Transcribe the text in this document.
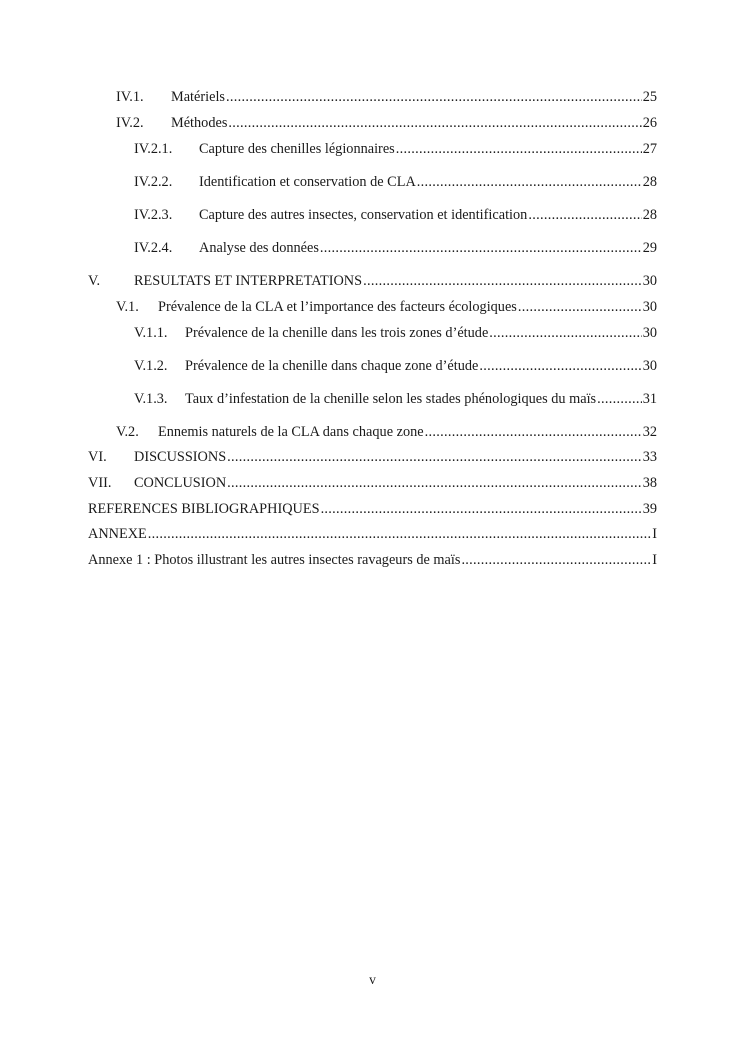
IV.1.	Matériels .....	25
IV.2.	Méthodes .....	26
IV.2.1.	Capture des chenilles légionnaires .....	27
IV.2.2.	Identification et conservation de CLA .....	28
IV.2.3.	Capture des autres insectes, conservation et identification .....	28
IV.2.4.	Analyse des données .....	29
V.	RESULTATS ET INTERPRETATIONS .....	30
V.1.	Prévalence de la CLA et l’importance des facteurs écologiques .....	30
V.1.1.	Prévalence de la chenille dans les trois zones d’étude .....	30
V.1.2.	Prévalence de la chenille dans chaque zone d’étude .....	30
V.1.3.	Taux d’infestation de la chenille selon les stades phénologiques du maïs .....	31
V.2.	Ennemis naturels de la CLA dans chaque zone .....	32
VI.	DISCUSSIONS .....	33
VII.	CONCLUSION .....	38
REFERENCES BIBLIOGRAPHIQUES .....	39
ANNEXE .....	I
Annexe 1 : Photos illustrant les autres insectes ravageurs de maïs .....	I
v
